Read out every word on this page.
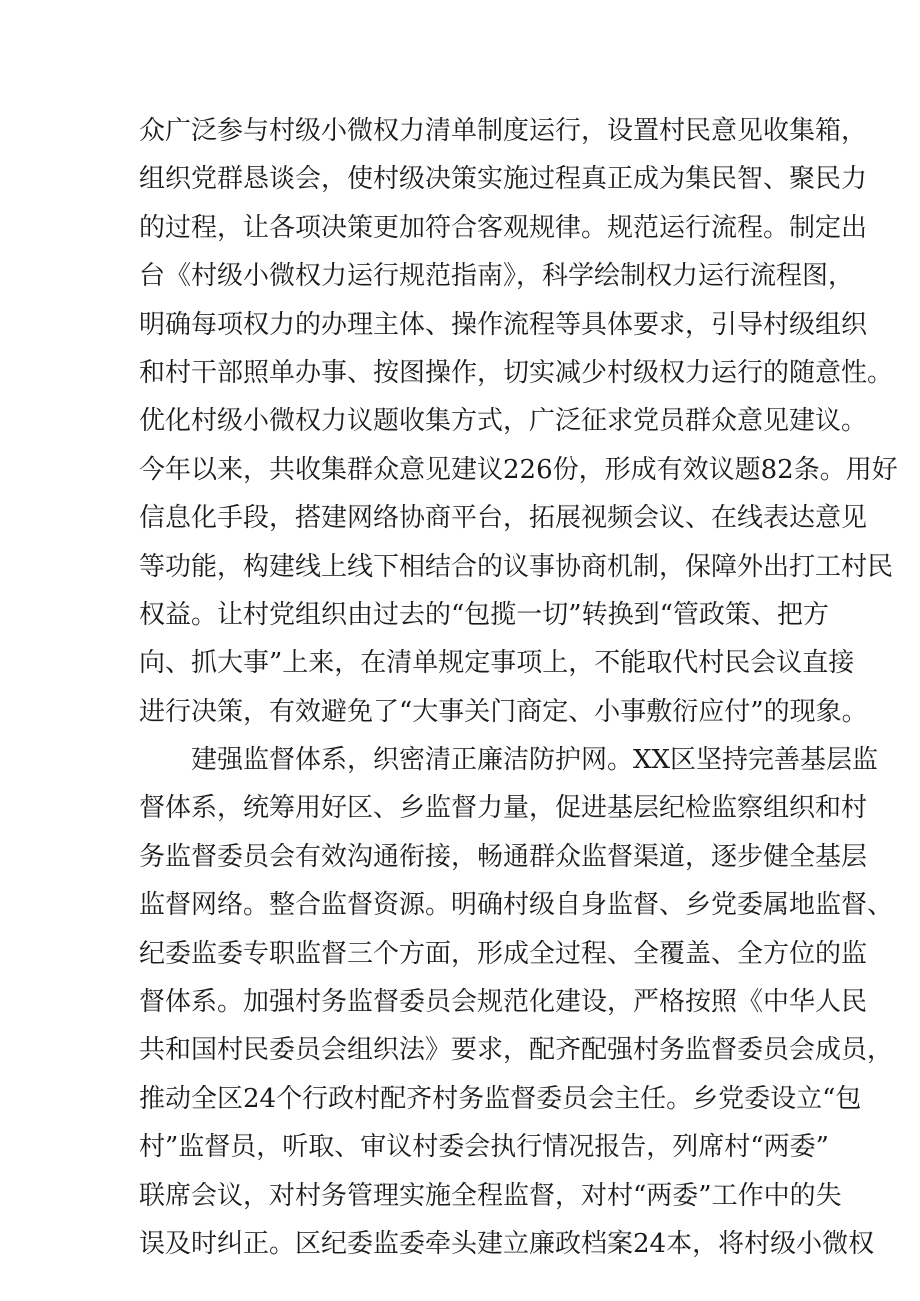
众广泛参与村级小微权力清单制度运行，设置村民意见收集箱，
组织党群恳谈会，使村级决策实施过程真正成为集民智、聚民力
的过程，让各项决策更加符合客观规律。规范运行流程。制定出
台《村级小微权力运行规范指南》，科学绘制权力运行流程图，
明确每项权力的办理主体、操作流程等具体要求，引导村级组织
和村干部照单办事、按图操作，切实减少村级权力运行的随意性。
优化村级小微权力议题收集方式，广泛征求党员群众意见建议。
今年以来，共收集群众意见建议226份，形成有效议题82条。用好
信息化手段，搭建网络协商平台，拓展视频会议、在线表达意见
等功能，构建线上线下相结合的议事协商机制，保障外出打工村民
权益。让村党组织由过去的“包揽一切”转换到“管政策、把方
向、抓大事”上来，在清单规定事项上，不能取代村民会议直接
进行决策，有效避免了“大事关门商定、小事敷衍应付”的现象。
建强监督体系，织密清正廉洁防护网。XX区坚持完善基层监
督体系，统筹用好区、乡监督力量，促进基层纪检监察组织和村
务监督委员会有效沟通衔接，畅通群众监督渠道，逐步健全基层
监督网络。整合监督资源。明确村级自身监督、乡党委属地监督、
纪委监委专职监督三个方面，形成全过程、全覆盖、全方位的监
督体系。加强村务监督委员会规范化建设，严格按照《中华人民
共和国村民委员会组织法》要求，配齐配强村务监督委员会成员，
推动全区24个行政村配齐村务监督委员会主任。乡党委设立“包
村”监督员，听取、审议村委会执行情况报告，列席村“两委”
联席会议，对村务管理实施全程监督，对村“两委”工作中的失
误及时纠正。区纪委监委牵头建立廉政档案24本，将村级小微权
